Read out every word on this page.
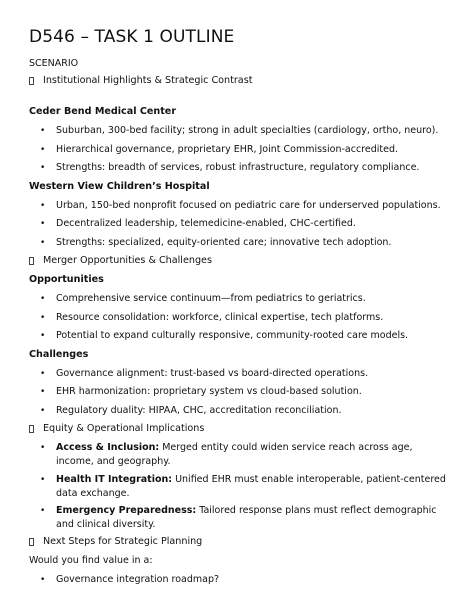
D546 – TASK 1 OUTLINE
SCENARIO
Institutional Highlights & Strategic Contrast
Ceder Bend Medical Center
• Suburban, 300-bed facility; strong in adult specialties (cardiology, ortho, neuro).
• Hierarchical governance, proprietary EHR, Joint Commission-accredited.
• Strengths: breadth of services, robust infrastructure, regulatory compliance.
Western View Children’s Hospital
• Urban, 150-bed nonprofit focused on pediatric care for underserved populations.
• Decentralized leadership, telemedicine-enabled, CHC-certified.
• Strengths: specialized, equity-oriented care; innovative tech adoption.
Merger Opportunities & Challenges
Opportunities
• Comprehensive service continuum—from pediatrics to geriatrics.
• Resource consolidation: workforce, clinical expertise, tech platforms.
• Potential to expand culturally responsive, community-rooted care models.
Challenges
• Governance alignment: trust-based vs board-directed operations.
• EHR harmonization: proprietary system vs cloud-based solution.
• Regulatory duality: HIPAA, CHC, accreditation reconciliation.
Equity & Operational Implications
• Access & Inclusion: Merged entity could widen service reach across age, income, and geography.
• Health IT Integration: Unified EHR must enable interoperable, patient-centered data exchange.
• Emergency Preparedness: Tailored response plans must reflect demographic and clinical diversity.
Next Steps for Strategic Planning
Would you find value in a:
• Governance integration roadmap?
